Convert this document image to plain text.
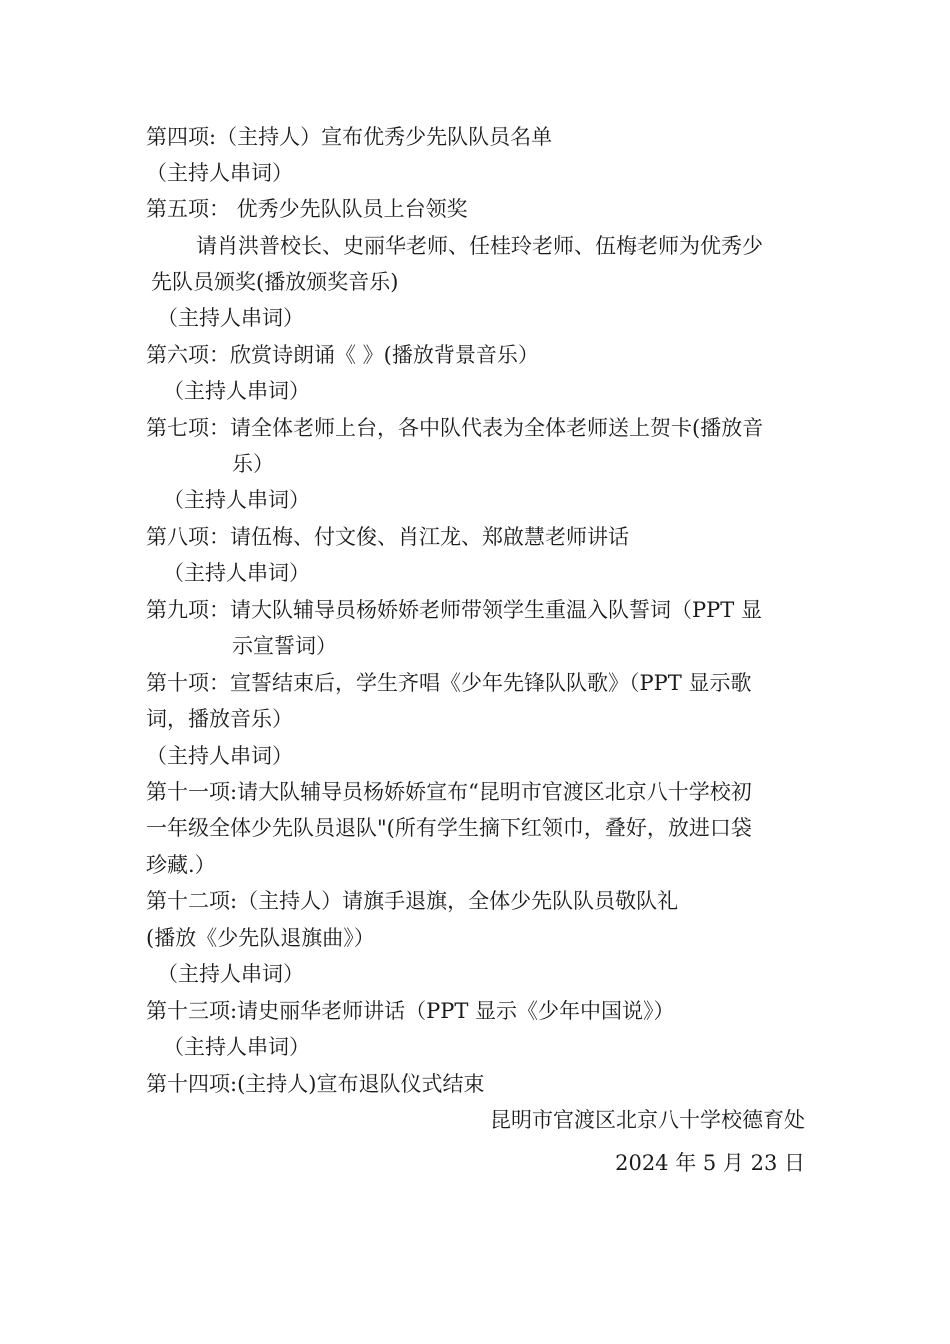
第四项:（主持人）宣布优秀少先队队员名单
（主持人串词）
第五项： 优秀少先队队员上台领奖
请肖洪普校长、史丽华老师、任桂玲老师、伍梅老师为优秀少
先队员颁奖(播放颁奖音乐)
（主持人串词）
第六项：欣赏诗朗诵《 》(播放背景音乐）
（主持人串词）
第七项：请全体老师上台，各中队代表为全体老师送上贺卡(播放音
乐）
（主持人串词）
第八项：请伍梅、付文俊、肖江龙、郑啟慧老师讲话
（主持人串词）
第九项：请大队辅导员杨娇娇老师带领学生重温入队誓词（PPT 显
示宣誓词）
第十项：宣誓结束后，学生齐唱《少年先锋队队歌》（PPT 显示歌
词，播放音乐）
（主持人串词）
第十一项:请大队辅导员杨娇娇宣布“昆明市官渡区北京八十学校初
一年级全体少先队员退队"(所有学生摘下红领巾，叠好，放进口袋
珍藏.）
第十二项:（主持人）请旗手退旗，全体少先队队员敬队礼
(播放《少先队退旗曲》）
（主持人串词）
第十三项:请史丽华老师讲话（PPT 显示《少年中国说》）
（主持人串词）
第十四项:(主持人)宣布退队仪式结束
昆明市官渡区北京八十学校德育处
2024 年 5 月 23 日
